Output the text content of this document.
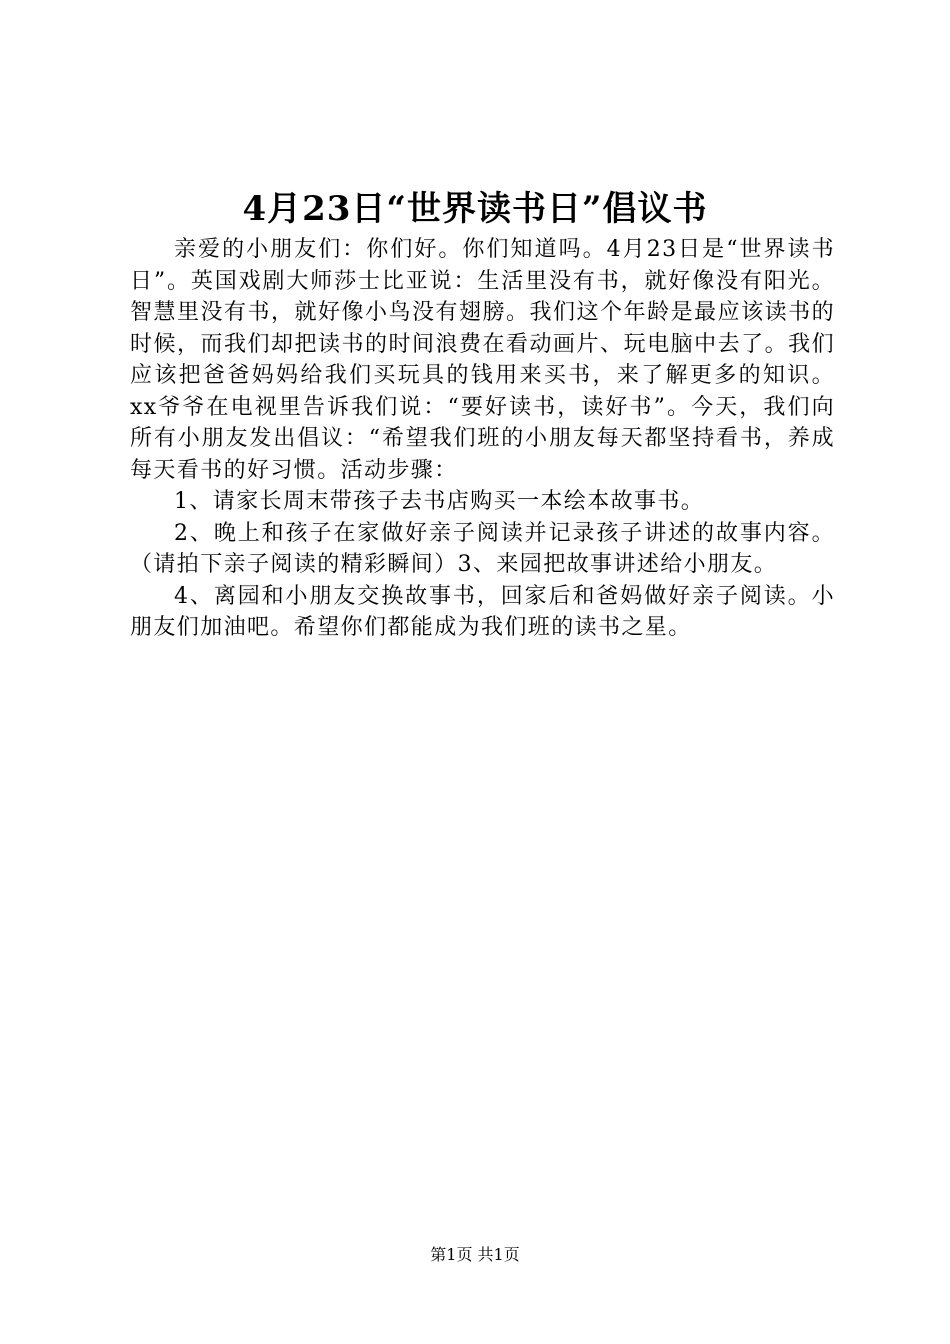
4月23日“世界读书日”倡议书

亲爱的小朋友们：你们好。你们知道吗。4月23日是“世界读书日”。英国戏剧大师莎士比亚说：生活里没有书，就好像没有阳光。智慧里没有书，就好像小鸟没有翅膀。我们这个年龄是最应该读书的时候，而我们却把读书的时间浪费在看动画片、玩电脑中去了。我们应该把爸爸妈妈给我们买玩具的钱用来买书，来了解更多的知识。xx爷爷在电视里告诉我们说：“要好读书，读好书”。今天，我们向所有小朋友发出倡议：“希望我们班的小朋友每天都坚持看书，养成每天看书的好习惯。活动步骤：

1、请家长周末带孩子去书店购买一本绘本故事书。

2、晚上和孩子在家做好亲子阅读并记录孩子讲述的故事内容。（请拍下亲子阅读的精彩瞬间）3、来园把故事讲述给小朋友。

4、离园和小朋友交换故事书，回家后和爸妈做好亲子阅读。小朋友们加油吧。希望你们都能成为我们班的读书之星。

第1页 共1页
